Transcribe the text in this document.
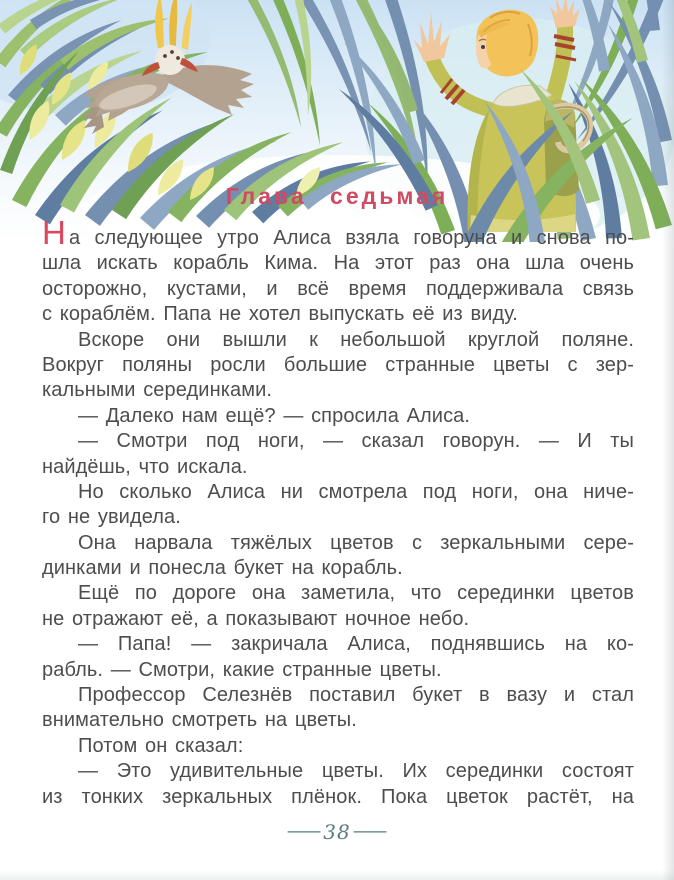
Глава седьмая
На следующее утро Алиса взяла говоруна и снова по-
шла искать корабль Кима. На этот раз она шла очень
осторожно, кустами, и всё время поддерживала связь
с кораблём. Папа не хотел выпускать её из виду.
Вскоре они вышли к небольшой круглой поляне.
Вокруг поляны росли большие странные цветы с зер-
кальными серединками.
— Далеко нам ещё? — спросила Алиса.
— Смотри под ноги, — сказал говорун. — И ты
найдёшь, что искала.
Но сколько Алиса ни смотрела под ноги, она ниче-
го не увидела.
Она нарвала тяжёлых цветов с зеркальными сере-
динками и понесла букет на корабль.
Ещё по дороге она заметила, что серединки цветов
не отражают её, а показывают ночное небо.
— Папа! — закричала Алиса, поднявшись на ко-
рабль. — Смотри, какие странные цветы.
Профессор Селезнёв поставил букет в вазу и стал
внимательно смотреть на цветы.
Потом он сказал:
— Это удивительные цветы. Их серединки состоят
из тонких зеркальных плёнок. Пока цветок растёт, на
—38—
